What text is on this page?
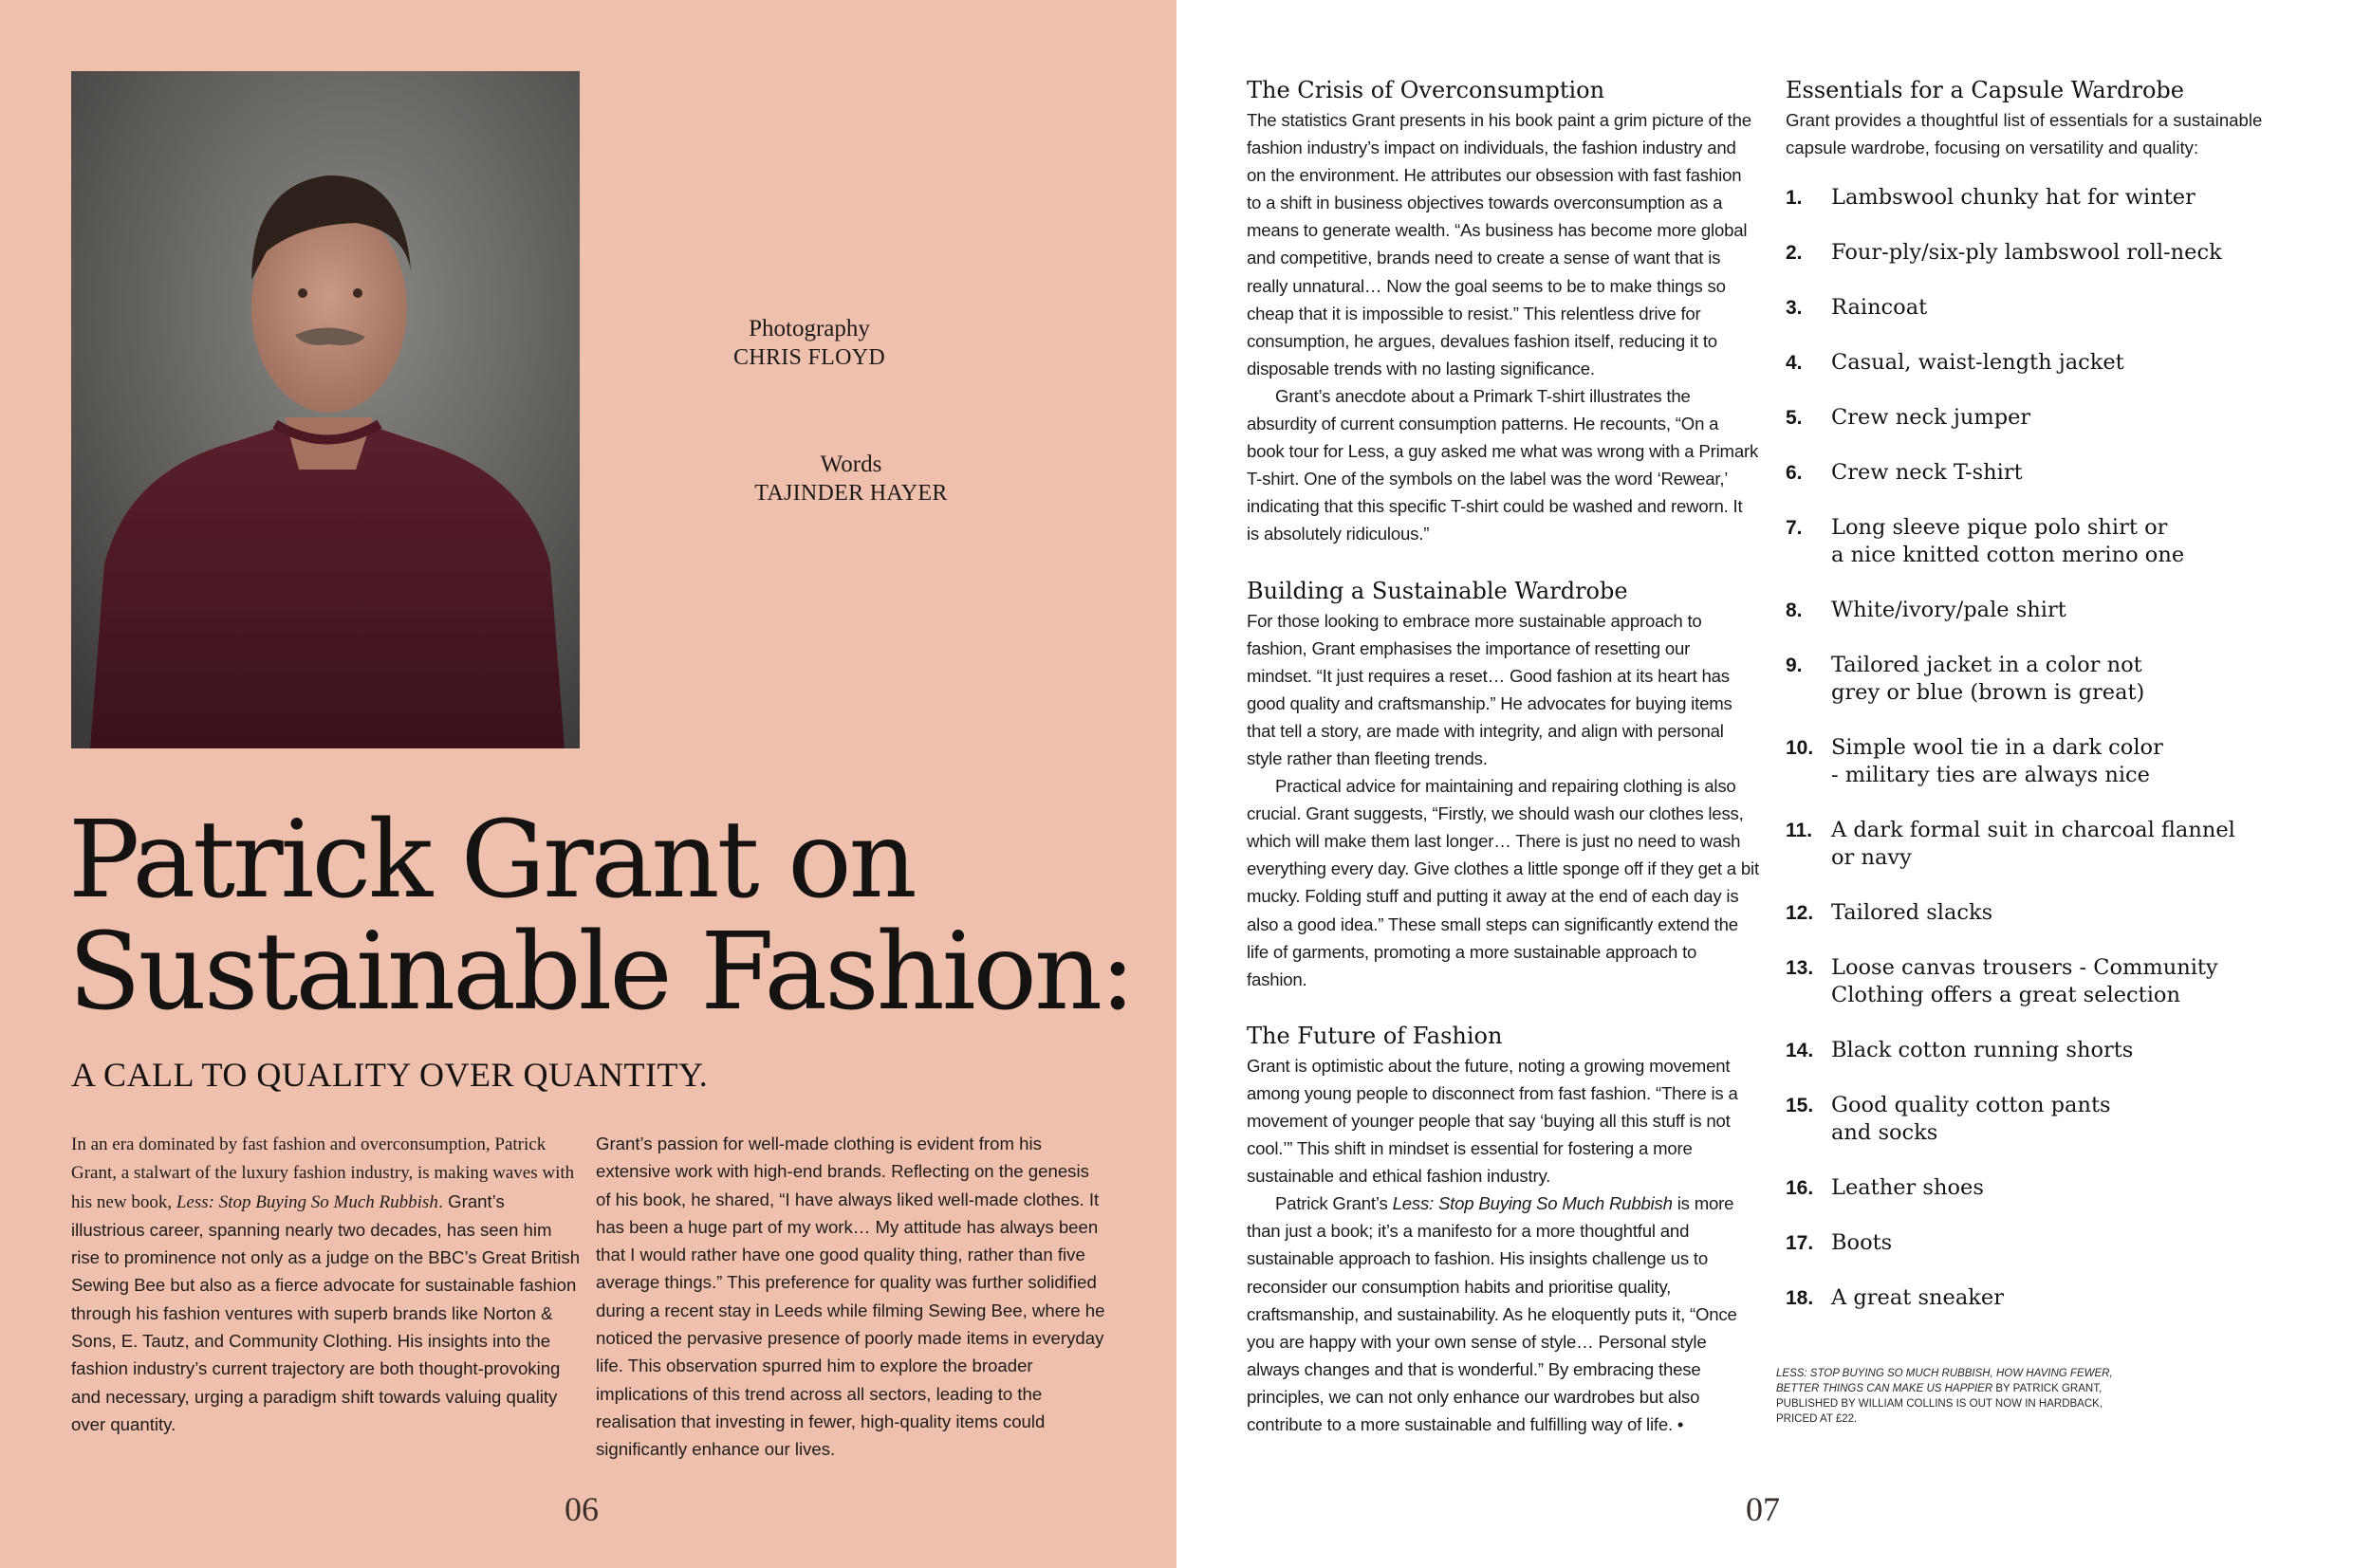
Photography
CHRIS FLOYD
Words
TAJINDER HAYER
Patrick Grant on
Sustainable Fashion:
A CALL TO QUALITY OVER QUANTITY.
In an era dominated by fast fashion and overconsumption, Patrick Grant, a stalwart of the luxury fashion industry, is making waves with his new book, Less: Stop Buying So Much Rubbish. Grant’s illustrious career, spanning nearly two decades, has seen him rise to prominence not only as a judge on the BBC’s Great British Sewing Bee but also as a fierce advocate for sustainable fashion through his fashion ventures with superb brands like Norton & Sons, E. Tautz, and Community Clothing. His insights into the fashion industry’s current trajectory are both thought-provoking and necessary, urging a paradigm shift towards valuing quality over quantity.
Grant’s passion for well-made clothing is evident from his extensive work with high-end brands. Reflecting on the genesis of his book, he shared, “I have always liked well-made clothes. It has been a huge part of my work… My attitude has always been that I would rather have one good quality thing, rather than five average things.” This preference for quality was further solidified during a recent stay in Leeds while filming Sewing Bee, where he noticed the pervasive presence of poorly made items in everyday life. This observation spurred him to explore the broader implications of this trend across all sectors, leading to the realisation that investing in fewer, high-quality items could significantly enhance our lives.
06
The Crisis of Overconsumption

The statistics Grant presents in his book paint a grim picture of the fashion industry’s impact on individuals, the fashion industry and on the environment. He attributes our obsession with fast fashion to a shift in business objectives towards overconsumption as a means to generate wealth. “As business has become more global and competitive, brands need to create a sense of want that is really unnatural… Now the goal seems to be to make things so cheap that it is impossible to resist.” This relentless drive for consumption, he argues, devalues fashion itself, reducing it to disposable trends with no lasting significance.

Grant’s anecdote about a Primark T-shirt illustrates the absurdity of current consumption patterns. He recounts, “On a book tour for Less, a guy asked me what was wrong with a Primark T-shirt. One of the symbols on the label was the word ‘Rewear,’ indicating that this specific T-shirt could be washed and reworn. It is absolutely ridiculous.”

Building a Sustainable Wardrobe

For those looking to embrace more sustainable approach to fashion, Grant emphasises the importance of resetting our mindset. “It just requires a reset… Good fashion at its heart has good quality and craftsmanship.” He advocates for buying items that tell a story, are made with integrity, and align with personal style rather than fleeting trends.

Practical advice for maintaining and repairing clothing is also crucial. Grant suggests, “Firstly, we should wash our clothes less, which will make them last longer… There is just no need to wash everything every day. Give clothes a little sponge off if they get a bit mucky. Folding stuff and putting it away at the end of each day is also a good idea.” These small steps can significantly extend the life of garments, promoting a more sustainable approach to fashion.

The Future of Fashion

Grant is optimistic about the future, noting a growing movement among young people to disconnect from fast fashion. “There is a movement of younger people that say ‘buying all this stuff is not cool.’” This shift in mindset is essential for fostering a more sustainable and ethical fashion industry.

Patrick Grant’s Less: Stop Buying So Much Rubbish is more than just a book; it’s a manifesto for a more thoughtful and sustainable approach to fashion. His insights challenge us to reconsider our consumption habits and prioritise quality, craftsmanship, and sustainability. As he eloquently puts it, “Once you are happy with your own sense of style… Personal style always changes and that is wonderful.” By embracing these principles, we can not only enhance our wardrobes but also contribute to a more sustainable and fulfilling way of life. •

Essentials for a Capsule Wardrobe

Grant provides a thoughtful list of essentials for a sustainable capsule wardrobe, focusing on versatility and quality:

1.	Lambswool chunky hat for winter
2.	Four-ply/six-ply lambswool roll-neck
3.	Raincoat
4.	Casual, waist-length jacket
5.	Crew neck jumper
6.	Crew neck T-shirt
7.	Long sleeve pique polo shirt or
a nice knitted cotton merino one
8.	White/ivory/pale shirt
9.	Tailored jacket in a color not
grey or blue (brown is great)
10. Simple wool tie in a dark color
- military ties are always nice
11. A dark formal suit in charcoal flannel
or navy
12. Tailored slacks
13. Loose canvas trousers - Community
Clothing offers a great selection
14. Black cotton running shorts
15. Good quality cotton pants
and socks
16. Leather shoes
17. Boots
18. A great sneaker
LESS: STOP BUYING SO MUCH RUBBISH, HOW HAVING FEWER, BETTER THINGS CAN MAKE US HAPPIER BY PATRICK GRANT, PUBLISHED BY WILLIAM COLLINS IS OUT NOW IN HARDBACK, PRICED AT £22.
07
